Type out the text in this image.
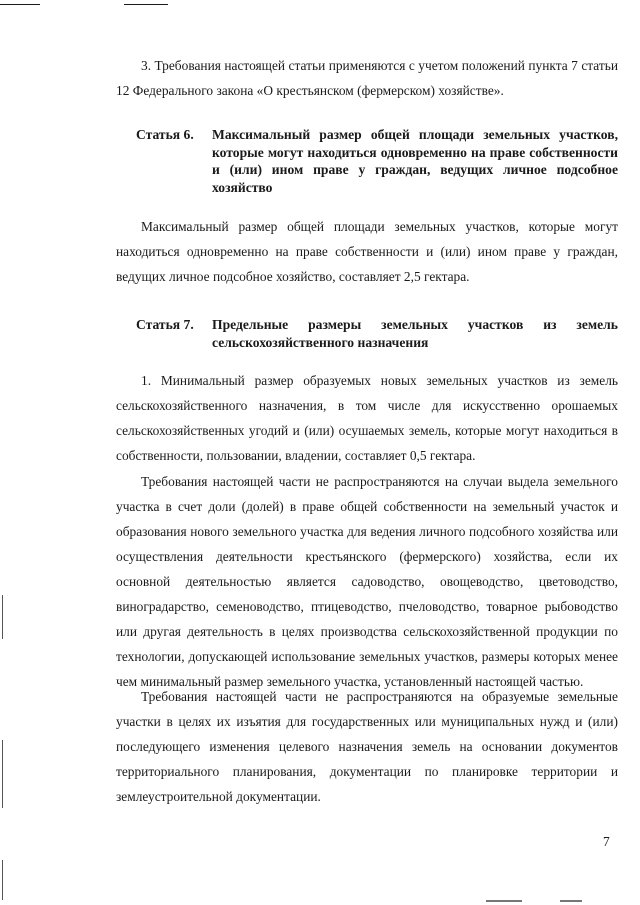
3. Требования настоящей статьи применяются с учетом положений пункта 7 статьи 12 Федерального закона «О крестьянском (фермерском) хозяйстве».

Статья 6.	Максимальный размер общей площади земельных участков, которые могут находиться одновременно на праве собственности и (или) ином праве у граждан, ведущих личное подсобное хозяйство

Максимальный размер общей площади земельных участков, которые могут находиться одновременно на праве собственности и (или) ином праве у граждан, ведущих личное подсобное хозяйство, составляет 2,5 гектара.

Статья 7.	Предельные размеры земельных участков из земель сельскохозяйственного назначения

1. Минимальный размер образуемых новых земельных участков из земель сельскохозяйственного назначения, в том числе для искусственно орошаемых сельскохозяйственных угодий и (или) осушаемых земель, которые могут находиться в собственности, пользовании, владении, составляет 0,5 гектара.

Требования настоящей части не распространяются на случаи выдела земельного участка в счет доли (долей) в праве общей собственности на земельный участок и образования нового земельного участка для ведения личного подсобного хозяйства или осуществления деятельности крестьянского (фермерского) хозяйства, если их основной деятельностью является садоводство, овощеводство, цветоводство, виноградарство, семеноводство, птицеводство, пчеловодство, товарное рыбоводство или другая деятельность в целях производства сельскохозяйственной продукции по технологии, допускающей использование земельных участков, размеры которых менее чем минимальный размер земельного участка, установленный настоящей частью.

Требования настоящей части не распространяются на образуемые земельные участки в целях их изъятия для государственных или муниципальных нужд и (или) последующего изменения целевого назначения земель на основании документов территориального планирования, документации по планировке территории и землеустроительной документации.

7
